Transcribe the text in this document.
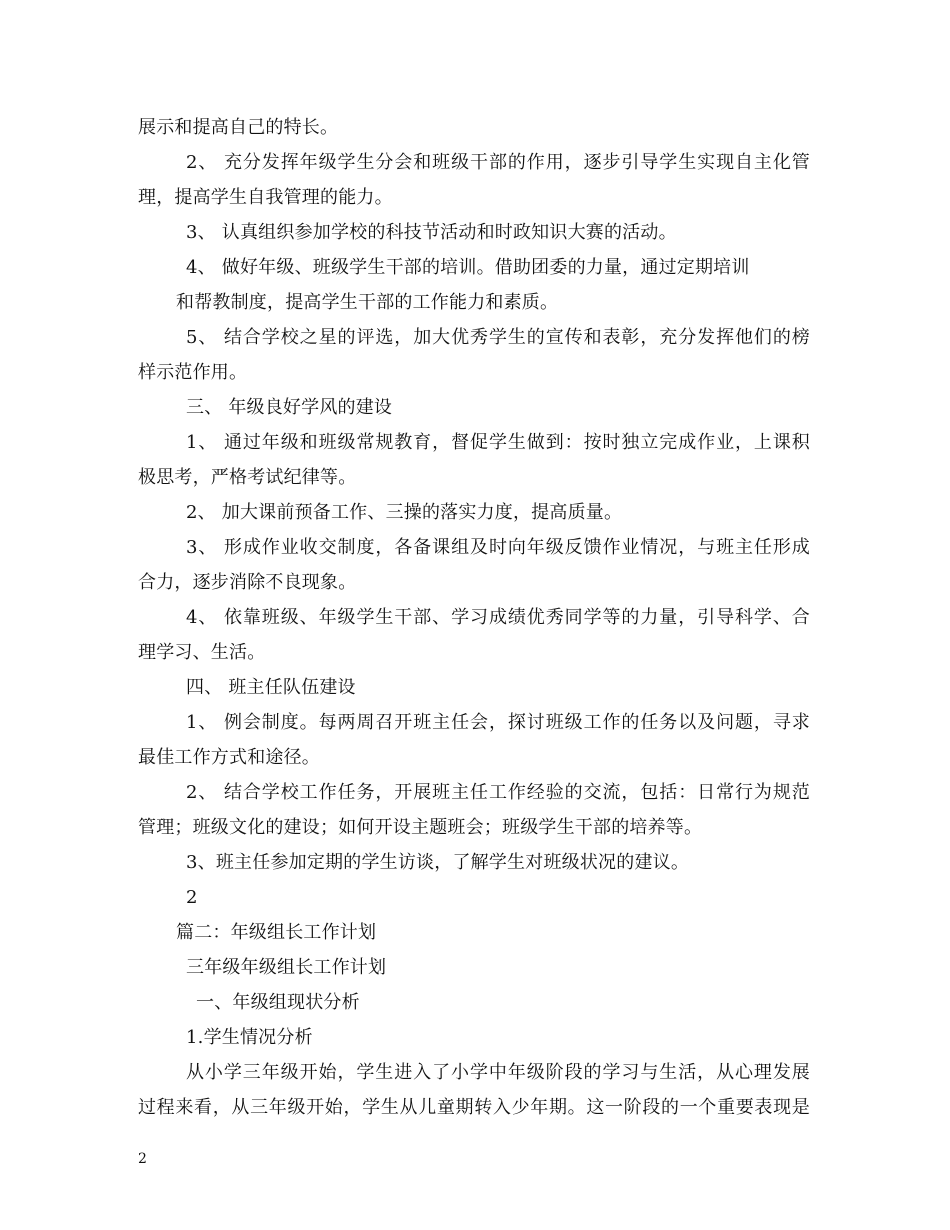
展示和提高自己的特长。
2、 充分发挥年级学生分会和班级干部的作用，逐步引导学生实现自主化管
理，提高学生自我管理的能力。
3、 认真组织参加学校的科技节活动和时政知识大赛的活动。
4、 做好年级、班级学生干部的培训。借助团委的力量，通过定期培训
和帮教制度，提高学生干部的工作能力和素质。
5、 结合学校之星的评选，加大优秀学生的宣传和表彰，充分发挥他们的榜
样示范作用。
三、 年级良好学风的建设
1、 通过年级和班级常规教育，督促学生做到：按时独立完成作业，上课积
极思考，严格考试纪律等。
2、 加大课前预备工作、三操的落实力度，提高质量。
3、 形成作业收交制度，各备课组及时向年级反馈作业情况，与班主任形成
合力，逐步消除不良现象。
4、 依靠班级、年级学生干部、学习成绩优秀同学等的力量，引导科学、合
理学习、生活。
四、 班主任队伍建设
1、 例会制度。每两周召开班主任会，探讨班级工作的任务以及问题，寻求
最佳工作方式和途径。
2、 结合学校工作任务，开展班主任工作经验的交流，包括：日常行为规范
管理；班级文化的建设；如何开设主题班会；班级学生干部的培养等。
3、班主任参加定期的学生访谈，了解学生对班级状况的建议。
2
篇二：年级组长工作计划
三年级年级组长工作计划
一、年级组现状分析
1.学生情况分析
从小学三年级开始，学生进入了小学中年级阶段的学习与生活，从心理发展
过程来看，从三年级开始，学生从儿童期转入少年期。这一阶段的一个重要表现是
2
